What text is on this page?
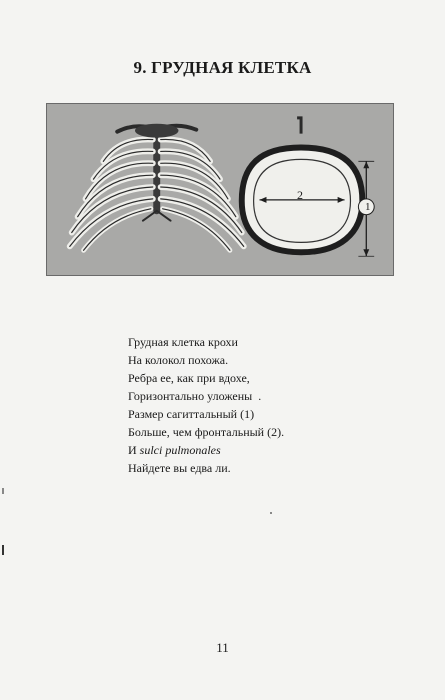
9. ГРУДНАЯ КЛЕТКА
2
1
Грудная клетка крохи
На колокол похожа.
Ребра ее, как при вдохе,
Горизонтально уложены  .
Размер сагиттальный (1)
Больше, чем фронтальный (2).
И sulci pulmonales
Найдете вы едва ли.
11
